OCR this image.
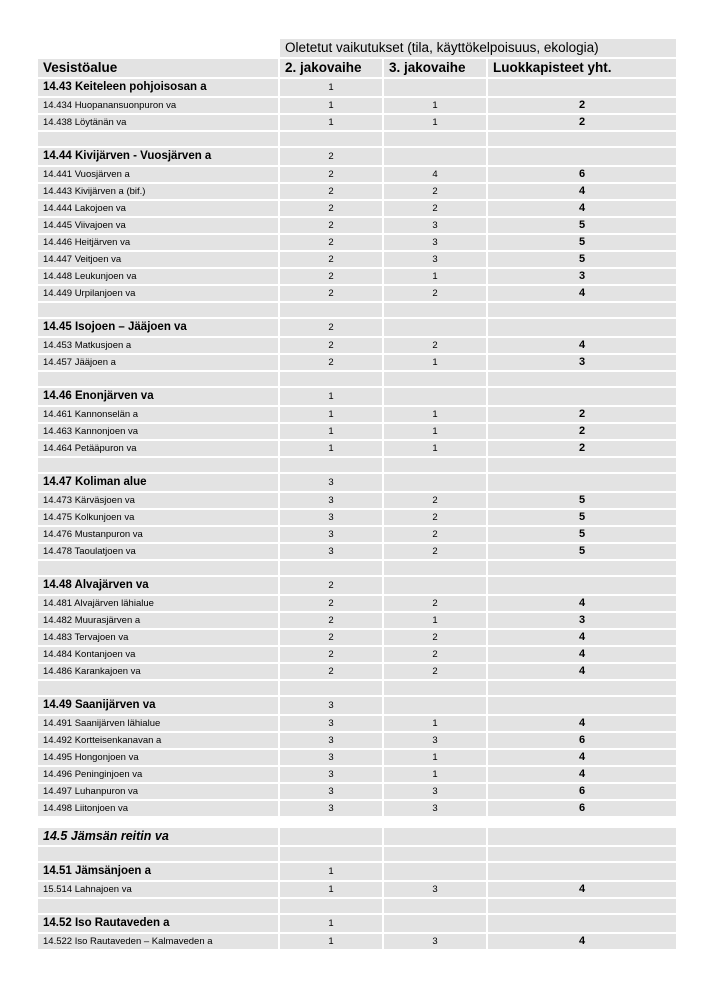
	Oletetut vaikutukset (tila, käyttökelpoisuus, ekologia)		
Vesistöalue	2. jakovaihe	3. jakovaihe	Luokkapisteet yht.
14.43 Keiteleen pohjoisosan a	1		
14.434 Huopanansuonpuron va	1	1	2
14.438 Löytänän va	1	1	2

14.44 Kivijärven - Vuosjärven a	2		
14.441 Vuosjärven a	2	4	6
14.443 Kivijärven a (bif.)	2	2	4
14.444 Lakojoen va	2	2	4
14.445 Viivajoen va	2	3	5
14.446 Heitjärven va	2	3	5
14.447 Veitjoen va	2	3	5
14.448 Leukunjoen va	2	1	3
14.449 Urpilanjoen va	2	2	4

14.45 Isojoen – Jääjoen va	2		
14.453 Matkusjoen a	2	2	4
14.457 Jääjoen a	2	1	3

14.46 Enonjärven va	1		
14.461 Kannonselän a	1	1	2
14.463 Kannonjoen va	1	1	2
14.464 Petääpuron va	1	1	2

14.47 Koliman alue	3		
14.473 Kärväsjoen va	3	2	5
14.475 Kolkunjoen va	3	2	5
14.476 Mustanpuron va	3	2	5
14.478 Taoulatjoen va	3	2	5

14.48 Alvajärven va	2		
14.481 Alvajärven lähialue	2	2	4
14.482 Muurasjärven a	2	1	3
14.483 Tervajoen va	2	2	4
14.484 Kontanjoen va	2	2	4
14.486 Karankajoen va	2	2	4

14.49 Saanijärven va	3		
14.491 Saanijärven lähialue	3	1	4
14.492 Kortteisenkanavan a	3	3	6
14.495 Hongonjoen va	3	1	4
14.496 Peninginjoen va	3	1	4
14.497 Luhanpuron va	3	3	6
14.498 Liitonjoen va	3	3	6

14.5 Jämsän reitin va			

14.51 Jämsänjoen a	1		
15.514 Lahnajoen va	1	3	4

14.52 Iso Rautaveden a	1		
14.522 Iso Rautaveden – Kalmaveden a	1	3	4
